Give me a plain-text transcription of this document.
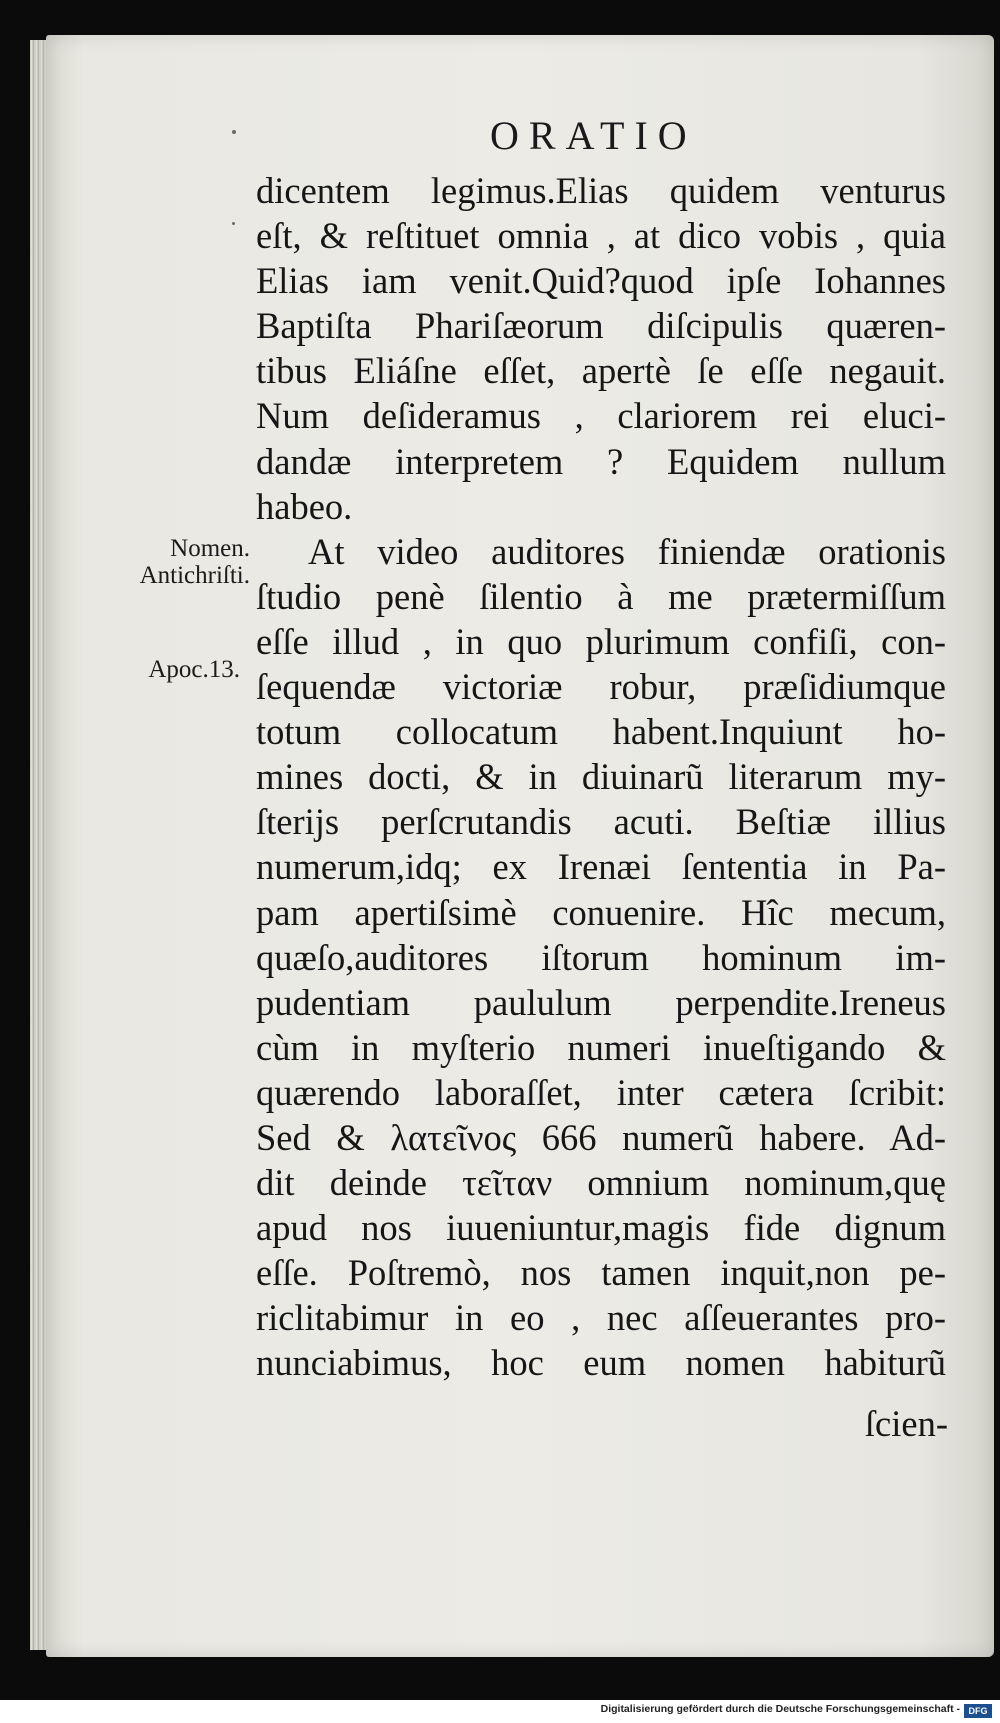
ORATIO
dicentem legimus.Elias quidem venturus
eſt, & reſtituet omnia , at dico vobis , quia
Elias iam venit.Quid?quod ipſe Iohannes
Baptiſta Phariſæorum diſcipulis quæren-
tibus Eliáſne eſſet, apertè ſe eſſe negauit.
Num deſideramus , clariorem rei eluci-
dandæ interpretem ? Equidem nullum
habeo.
At video auditores finiendæ orationis
ſtudio penè ſilentio à me prætermiſſum
eſſe illud , in quo plurimum confiſi, con-
ſequendæ victoriæ robur, præſidiumque
totum collocatum habent.Inquiunt ho-
mines docti, & in diuinarũ literarum my-
ſterijs perſcrutandis acuti. Beſtiæ illius
numerum,idq; ex Irenæi ſententia in Pa-
pam apertiſsimè conuenire. Hîc mecum,
quæſo,auditores iſtorum hominum im-
pudentiam paululum perpendite.Ireneus
cùm in myſterio numeri inueſtigando &
quærendo laboraſſet, inter cætera ſcribit:
Sed & λατεῖνος 666 numerũ habere. Ad-
dit deinde τεῖταν omnium nominum,quę
apud nos iuueniuntur,magis fide dignum
eſſe. Poſtremò, nos tamen inquit,non pe-
riclitabimur in eo , nec aſſeuerantes pro-
nunciabimus, hoc eum nomen habiturũ
ſcien-
Nomen.
Antichriſti.
Apoc.13.
Digitalisierung gefördert durch die Deutsche Forschungsgemeinschaft - DFG
